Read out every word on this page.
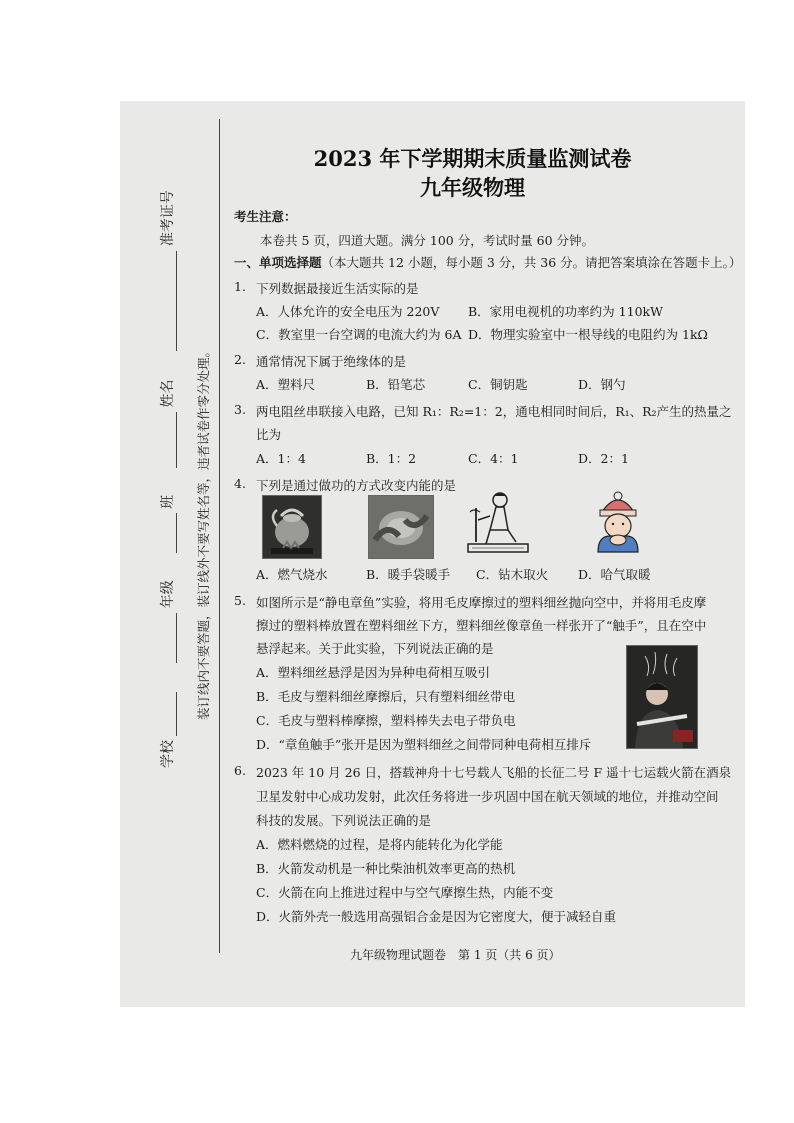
学校    年级   班   姓名   准考证号
装订线内不要答题，装订线外不要写姓名等，违者试卷作零分处理。
2023 年下学期期末质量监测试卷
九年级物理
考生注意：
本卷共 5 页，四道大题。满分 100 分，考试时量 60 分钟。
一、单项选择题（本大题共 12 小题，每小题 3 分，共 36 分。请把答案填涂在答题卡上。）
1. 下列数据最接近生活实际的是
A．人体允许的安全电压为 220V B．家用电视机的功率约为 110kW
C．教室里一台空调的电流大约为 6A D．物理实验室中一根导线的电阻约为 1kΩ
2. 通常情况下属于绝缘体的是
A．塑料尺	B．铅笔芯	C．铜钥匙	D．钢勺
3. 两电阻丝串联接入电路，已知 R₁：R₂=1：2，通电相同时间后，R₁、R₂产生的热量之
比为
A．1：4	B．1：2	C．4：1	D．2：1
4. 下列是通过做功的方式改变内能的是
A．燃气烧水	B．暖手袋暖手 C．钻木取火 D．哈气取暖
5. 如图所示是“静电章鱼”实验，将用毛皮摩擦过的塑料细丝抛向空中，并将用毛皮摩
擦过的塑料棒放置在塑料细丝下方，塑料细丝像章鱼一样张开了“触手”，且在空中
悬浮起来。关于此实验，下列说法正确的是
A．塑料细丝悬浮是因为异种电荷相互吸引
B．毛皮与塑料细丝摩擦后，只有塑料细丝带电
C．毛皮与塑料棒摩擦，塑料棒失去电子带负电
D．“章鱼触手”张开是因为塑料细丝之间带同种电荷相互排斥
6. 2023 年 10 月 26 日，搭载神舟十七号载人飞船的长征二号 F 遥十七运载火箭在酒泉
卫星发射中心成功发射，此次任务将进一步巩固中国在航天领域的地位，并推动空间
科技的发展。下列说法正确的是
A．燃料燃烧的过程，是将内能转化为化学能
B．火箭发动机是一种比柴油机效率更高的热机
C．火箭在向上推进过程中与空气摩擦生热，内能不变
D．火箭外壳一般选用高强铝合金是因为它密度大，便于减轻自重
九年级物理试题卷　第 1 页（共 6 页）
